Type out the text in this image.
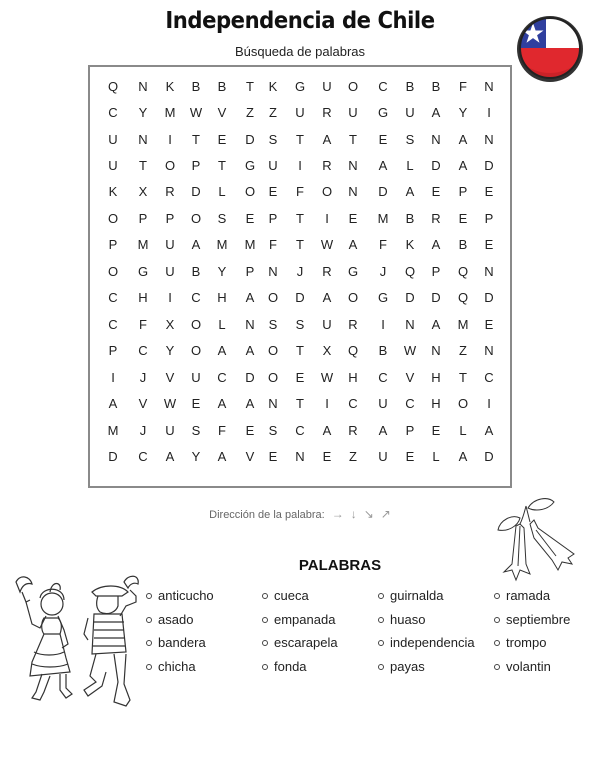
Independencia de Chile
Búsqueda de palabras
Q	N	K	B	B	T	K	G	U	O	C	B	B	F	N
C	Y	M	W	V	Z	Z	U	R	U	G	U	A	Y	I
U	N	I	T	E	D	S	T	A	T	E	S	N	A	N
U	T	O	P	T	G	U	I	R	N	A	L	D	A	D
K	X	R	D	L	O	E	F	O	N	D	A	E	P	E
O	P	P	O	S	E	P	T	I	E	M	B	R	E	P
P	M	U	A	M	M	F	T	W	A	F	K	A	B	E
O	G	U	B	Y	P	N	J	R	G	J	Q	P	Q	N
C	H	I	C	H	A	O	D	A	O	G	D	D	Q	D
C	F	X	O	L	N	S	S	U	R	I	N	A	M	E
P	C	Y	O	A	A	O	T	X	Q	B	W	N	Z	N
I	J	V	U	C	D	O	E	W	H	C	V	H	T	C
A	V	W	E	A	A	N	T	I	C	U	C	H	O	I
M	J	U	S	F	E	S	C	A	R	A	P	E	L	A
D	C	A	Y	A	V	E	N	E	Z	U	E	L	A	D
Dirección de la palabra: → ↓ ↘ ↗
PALABRAS
anticucho
asado
bandera
chicha
cueca
empanada
escarapela
fonda
guirnalda
huaso
independencia
payas
ramada
septiembre
trompo
volantin
